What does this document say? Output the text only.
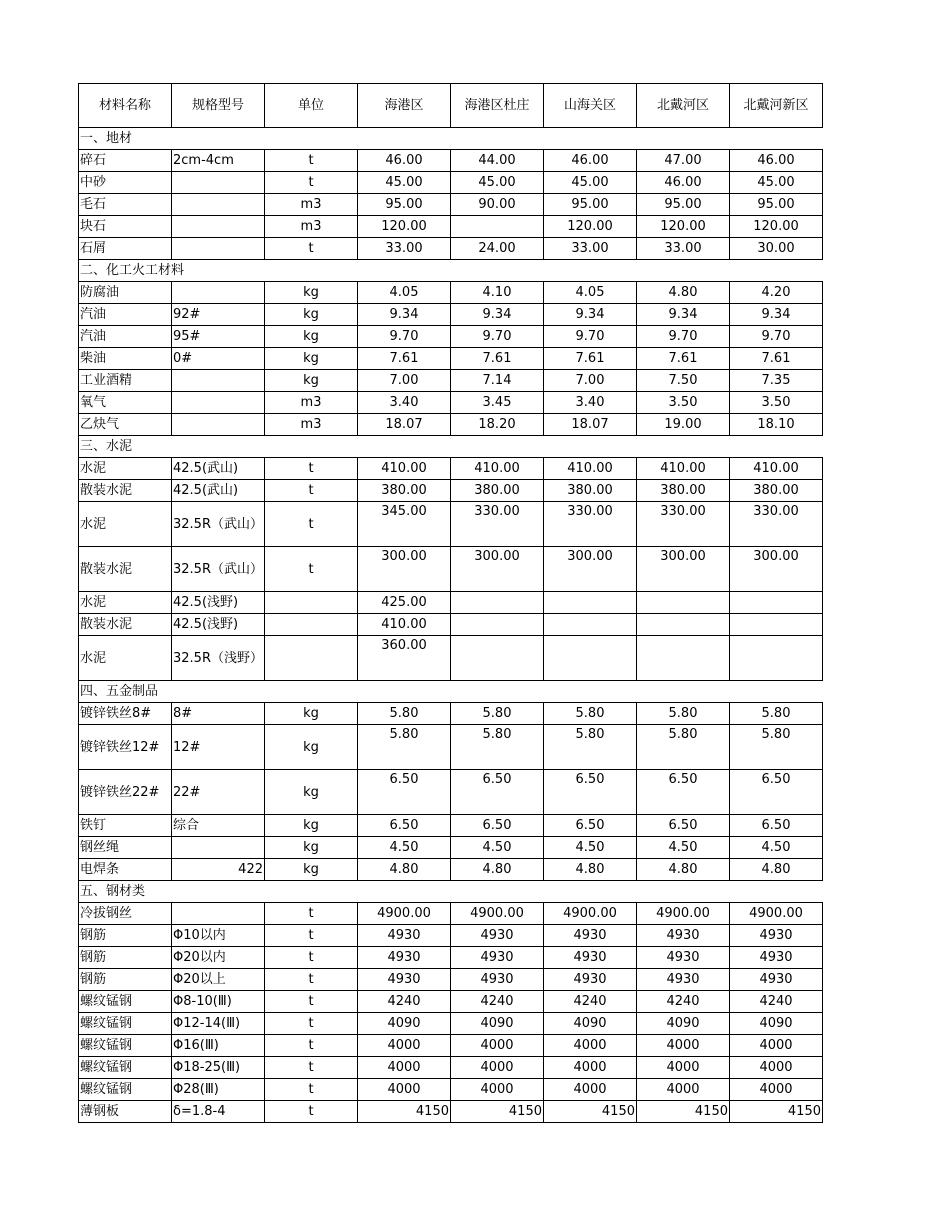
材料名称	规格型号	单位	海港区	海港区杜庄	山海关区	北戴河区	北戴河新区
一、地材							
碎石	2cm-4cm	t	46.00	44.00	46.00	47.00	46.00
中砂		t	45.00	45.00	45.00	46.00	45.00
毛石		m3	95.00	90.00	95.00	95.00	95.00
块石		m3	120.00		120.00	120.00	120.00
石屑		t	33.00	24.00	33.00	33.00	30.00
二、化工火工材料							
防腐油		kg	4.05	4.10	4.05	4.80	4.20
汽油	92#	kg	9.34	9.34	9.34	9.34	9.34
汽油	95#	kg	9.70	9.70	9.70	9.70	9.70
柴油	0#	kg	7.61	7.61	7.61	7.61	7.61
工业酒精		kg	7.00	7.14	7.00	7.50	7.35
氧气		m3	3.40	3.45	3.40	3.50	3.50
乙炔气		m3	18.07	18.20	18.07	19.00	18.10
三、水泥							
水泥	42.5(武山)	t	410.00	410.00	410.00	410.00	410.00
散装水泥	42.5(武山)	t	380.00	380.00	380.00	380.00	380.00
水泥	32.5R（武山）	t	345.00	330.00	330.00	330.00	330.00
散装水泥	32.5R（武山）	t	300.00	300.00	300.00	300.00	300.00
水泥	42.5(浅野)		425.00				
散装水泥	42.5(浅野)		410.00				
水泥	32.5R（浅野）		360.00				
四、五金制品							
镀锌铁丝8#	8#	kg	5.80	5.80	5.80	5.80	5.80
镀锌铁丝12#	12#	kg	5.80	5.80	5.80	5.80	5.80
镀锌铁丝22#	22#	kg	6.50	6.50	6.50	6.50	6.50
铁钉	综合	kg	6.50	6.50	6.50	6.50	6.50
钢丝绳		kg	4.50	4.50	4.50	4.50	4.50
电焊条	422	kg	4.80	4.80	4.80	4.80	4.80
五、钢材类							
冷拔钢丝		t	4900.00	4900.00	4900.00	4900.00	4900.00
钢筋	Φ10以内	t	4930	4930	4930	4930	4930
钢筋	Φ20以内	t	4930	4930	4930	4930	4930
钢筋	Φ20以上	t	4930	4930	4930	4930	4930
螺纹锰钢	Φ8-10(Ⅲ)	t	4240	4240	4240	4240	4240
螺纹锰钢	Φ12-14(Ⅲ)	t	4090	4090	4090	4090	4090
螺纹锰钢	Φ16(Ⅲ)	t	4000	4000	4000	4000	4000
螺纹锰钢	Φ18-25(Ⅲ)	t	4000	4000	4000	4000	4000
螺纹锰钢	Φ28(Ⅲ)	t	4000	4000	4000	4000	4000
薄钢板	δ=1.8-4	t	4150	4150	4150	4150	4150
